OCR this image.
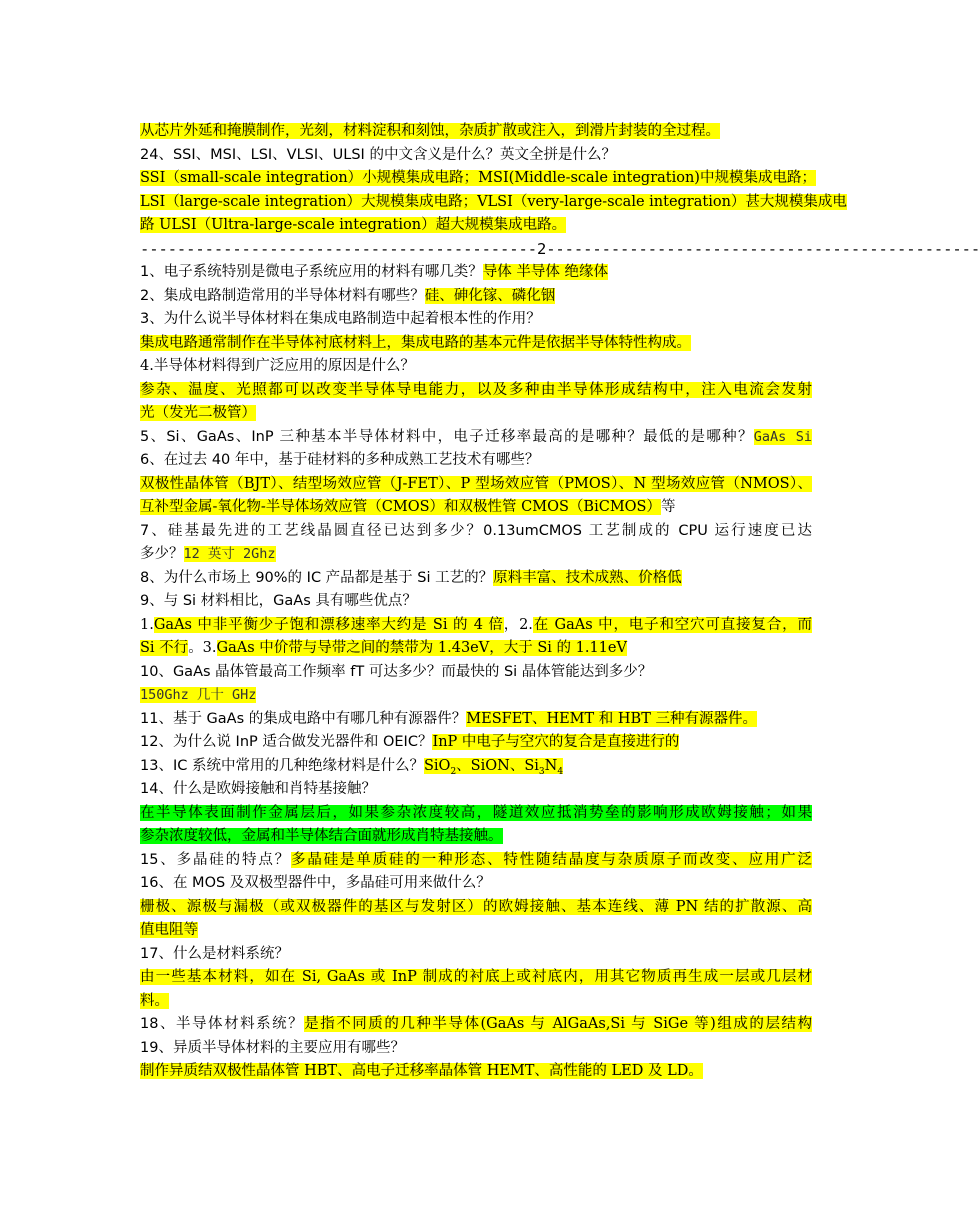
从芯片外延和掩膜制作，光刻，材料淀积和刻蚀，杂质扩散或注入，到滑片封装的全过程。
24、SSI、MSI、LSI、VLSI、ULSI 的中文含义是什么？英文全拼是什么？
SSI（small-scale integration）小规模集成电路；MSI(Middle-scale integration)中规模集成电路；
LSI（large-scale integration）大规模集成电路；VLSI（very-large-scale integration）甚大规模集成电
路 ULSI（Ultra-large-scale integration）超大规模集成电路。
-------------------------------------------2-----------------------------------------------
1、电子系统特别是微电子系统应用的材料有哪几类？导体 半导体 绝缘体
2、集成电路制造常用的半导体材料有哪些？硅、砷化镓、磷化铟
3、为什么说半导体材料在集成电路制造中起着根本性的作用？
集成电路通常制作在半导体衬底材料上，集成电路的基本元件是依据半导体特性构成。
4.半导体材料得到广泛应用的原因是什么？
参杂、温度、光照都可以改变半导体导电能力，以及多种由半导体形成结构中，注入电流会发射
光（发光二极管）
5、Si、GaAs、InP 三种基本半导体材料中，电子迁移率最高的是哪种？最低的是哪种？GaAs Si
6、在过去 40 年中，基于硅材料的多种成熟工艺技术有哪些？
双极性晶体管（BJT）、结型场效应管（J-FET）、P 型场效应管（PMOS）、N 型场效应管（NMOS）、
互补型金属-氧化物-半导体场效应管（CMOS）和双极性管 CMOS（BiCMOS）等
7、硅基最先进的工艺线晶圆直径已达到多少？0.13umCMOS 工艺制成的 CPU 运行速度已达
多少？12 英寸 2Ghz
8、为什么市场上 90%的 IC 产品都是基于 Si 工艺的？原料丰富、技术成熟、价格低
9、与 Si 材料相比，GaAs 具有哪些优点？
1.GaAs 中非平衡少子饱和漂移速率大约是 Si 的 4 倍，2.在 GaAs 中，电子和空穴可直接复合，而
Si 不行。3.GaAs 中价带与导带之间的禁带为 1.43eV，大于 Si 的 1.11eV
10、GaAs 晶体管最高工作频率 fT 可达多少？而最快的 Si 晶体管能达到多少？
150Ghz 几十 GHz
11、基于 GaAs 的集成电路中有哪几种有源器件？MESFET、HEMT 和 HBT 三种有源器件。
12、为什么说 InP 适合做发光器件和 OEIC？InP 中电子与空穴的复合是直接进行的
13、IC 系统中常用的几种绝缘材料是什么？SiO$_2$、SiON、$Si_3N_4$
14、什么是欧姆接触和肖特基接触？
在半导体表面制作金属层后，如果参杂浓度较高，隧道效应抵消势垒的影响形成欧姆接触；如果
参杂浓度较低，金属和半导体结合面就形成肖特基接触。
15、多晶硅的特点？多晶硅是单质硅的一种形态、特性随结晶度与杂质原子而改变、应用广泛
16、在 MOS 及双极型器件中，多晶硅可用来做什么？
栅极、源极与漏极（或双极器件的基区与发射区）的欧姆接触、基本连线、薄 PN 结的扩散源、高
值电阻等
17、什么是材料系统？
由一些基本材料，如在 Si, GaAs 或 InP 制成的衬底上或衬底内，用其它物质再生成一层或几层材
料。
18、半导体材料系统？是指不同质的几种半导体(GaAs 与 AlGaAs,Si 与 SiGe 等)组成的层结构
19、异质半导体材料的主要应用有哪些？
制作异质结双极性晶体管 HBT、高电子迁移率晶体管 HEMT、高性能的 LED 及 LD。
